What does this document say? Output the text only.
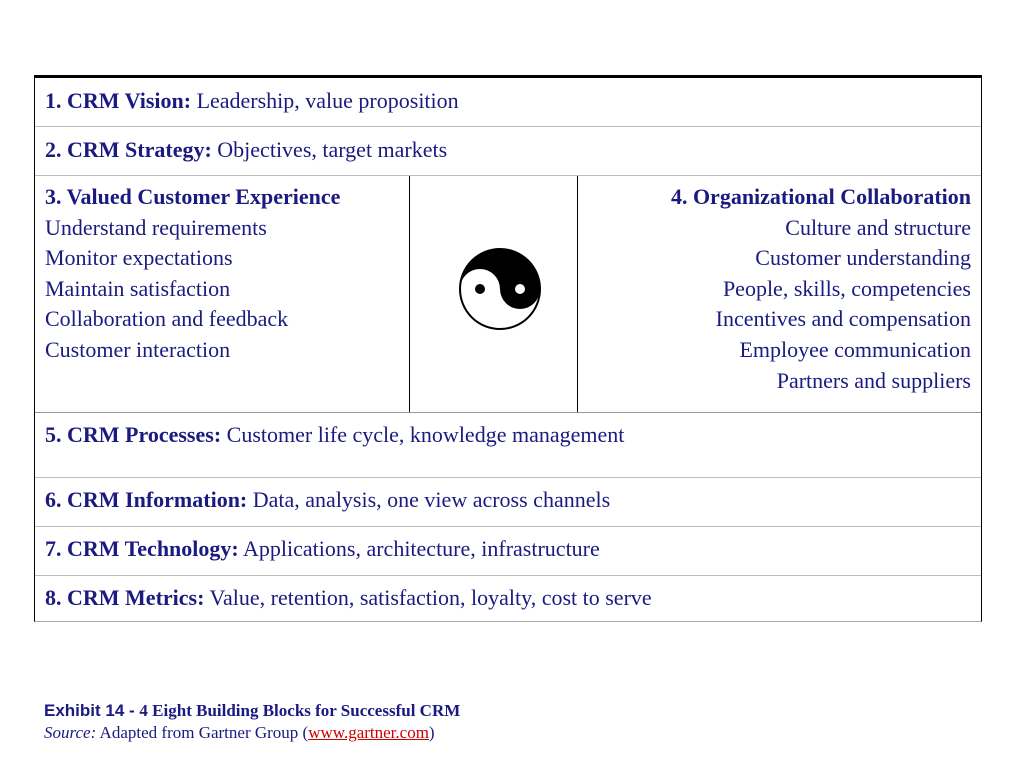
1. CRM Vision: Leadership, value proposition
2. CRM Strategy: Objectives, target markets
3. Valued Customer Experience
Understand requirements
Monitor expectations
Maintain satisfaction
Collaboration and feedback
Customer interaction
4. Organizational Collaboration
Culture and structure
Customer understanding
People, skills, competencies
Incentives and compensation
Employee communication
Partners and suppliers
5. CRM Processes: Customer life cycle, knowledge management
6. CRM Information: Data, analysis, one view across channels
7. CRM Technology: Applications, architecture, infrastructure
8. CRM Metrics: Value, retention, satisfaction, loyalty, cost to serve
Exhibit 14 - 4 Eight Building Blocks for Successful CRM
Source: Adapted from Gartner Group (www.gartner.com)
